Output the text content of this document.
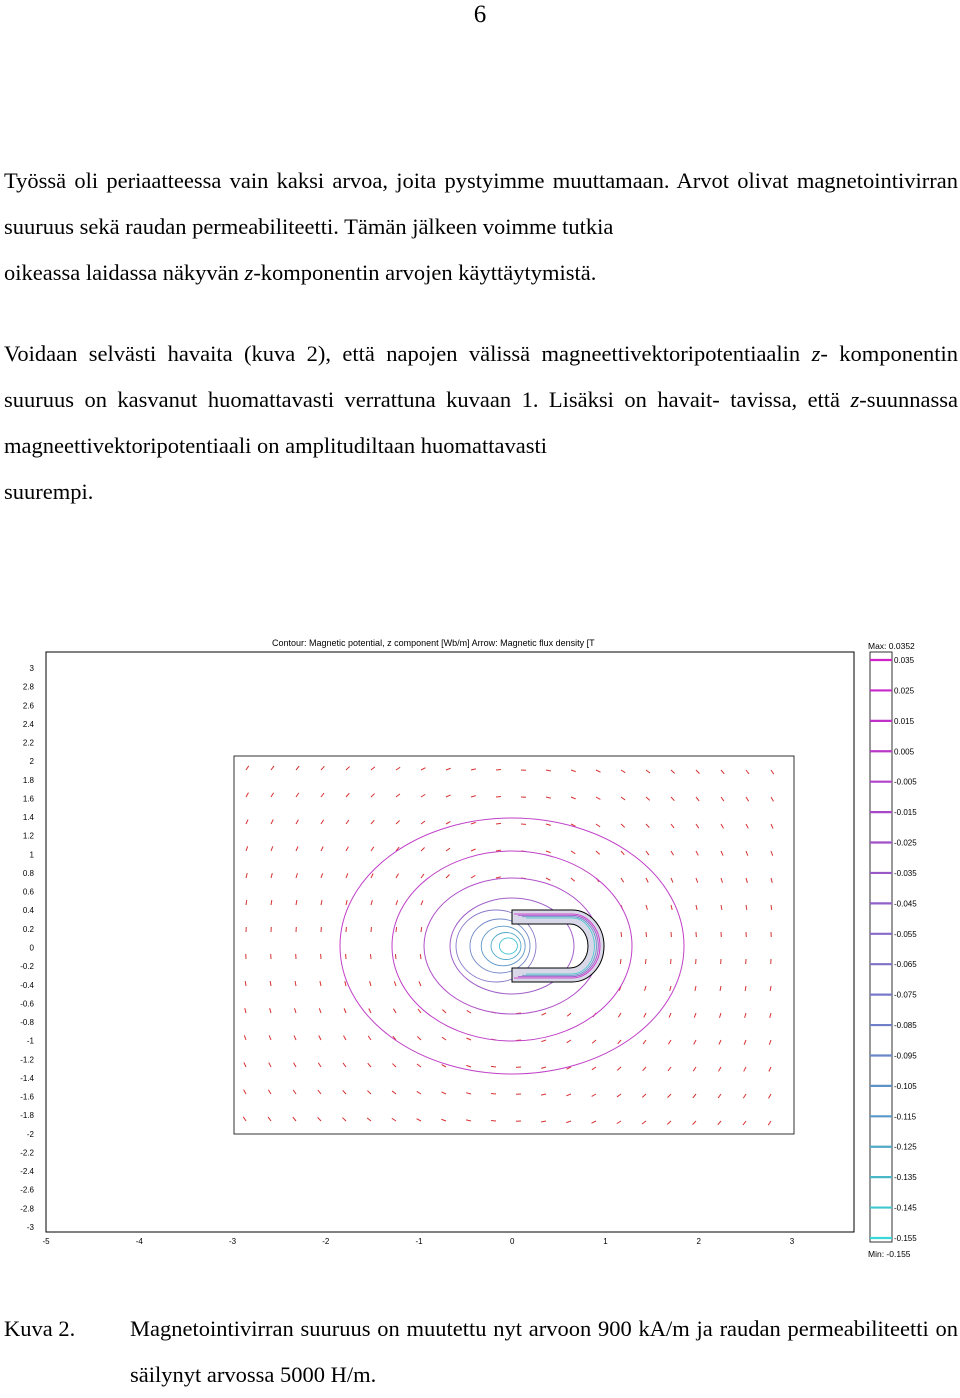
6

Työssä oli periaatteessa vain kaksi arvoa, joita pystyimme muuttamaan. Arvot olivat magnetointivirran suuruus sekä raudan permeabiliteetti. Tämän jälkeen voimme tutkia
oikeassa laidassa näkyvän z-komponentin arvojen käyttäytymistä.

Voidaan selvästi havaita (kuva 2), että napojen välissä magneettivektoripotentiaalin z- komponentin suuruus on kasvanut huomattavasti verrattuna kuvaan 1. Lisäksi on havait- tavissa, että z-suunnassa magneettivektoripotentiaali on amplitudiltaan huomattavasti
suurempi.

Contour: Magnetic potential, z component [Wb/m] Arrow: Magnetic flux density [T
3
2.8
2.6
2.4
2.2
2
1.8
1.6
1.4
1.2
1
0.8
0.6
0.4
0.2
0
-0.2
-0.4
-0.6
-0.8
-1
-1.2
-1.4
-1.6
-1.8
-2
-2.2
-2.4
-2.6
-2.8
-3
-5	-4	-3	-2	-1	0	1	2	3
Max: 0.0352
0.035
0.025
0.015
0.005
-0.005
-0.015
-0.025
-0.035
-0.045
-0.055
-0.065
-0.075
-0.085
-0.095
-0.105
-0.115
-0.125
-0.135
-0.145
-0.155
Min: -0.155
Kuva 2. Magnetointivirran suuruus on muutettu nyt arvoon 900 kA/m ja raudan permeabiliteetti on säilynyt arvossa 5000 H/m.
